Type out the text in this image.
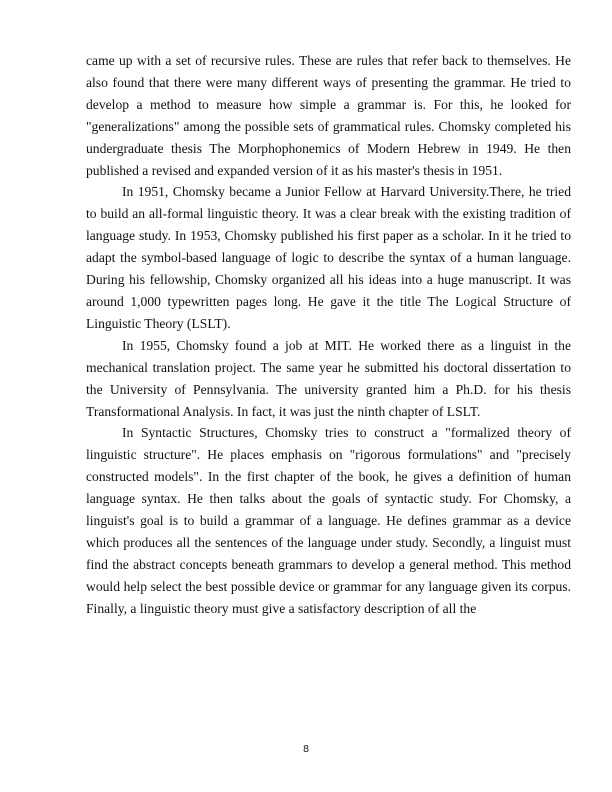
came up with a set of recursive rules. These are rules that refer back to themselves. He also found that there were many different ways of presenting the grammar. He tried to develop a method to measure how simple a grammar is. For this, he looked for "generalizations" among the possible sets of grammatical rules. Chomsky completed his undergraduate thesis The Morphophonemics of Modern Hebrew in 1949. He then published a revised and expanded version of it as his master's thesis in 1951.

In 1951, Chomsky became a Junior Fellow at Harvard University.There, he tried to build an all-formal linguistic theory. It was a clear break with the existing tradition of language study. In 1953, Chomsky published his first paper as a scholar. In it he tried to adapt the symbol-based language of logic to describe the syntax of a human language. During his fellowship, Chomsky organized all his ideas into a huge manuscript. It was around 1,000 typewritten pages long. He gave it the title The Logical Structure of Linguistic Theory (LSLT).

In 1955, Chomsky found a job at MIT. He worked there as a linguist in the mechanical translation project. The same year he submitted his doctoral dissertation to the University of Pennsylvania. The university granted him a Ph.D. for his thesis Transformational Analysis. In fact, it was just the ninth chapter of LSLT.

In Syntactic Structures, Chomsky tries to construct a "formalized theory of linguistic structure". He places emphasis on "rigorous formulations" and "precisely constructed models". In the first chapter of the book, he gives a definition of human language syntax. He then talks about the goals of syntactic study. For Chomsky, a linguist's goal is to build a grammar of a language. He defines grammar as a device which produces all the sentences of the language under study. Secondly, a linguist must find the abstract concepts beneath grammars to develop a general method. This method would help select the best possible device or grammar for any language given its corpus. Finally, a linguistic theory must give a satisfactory description of all the

8
